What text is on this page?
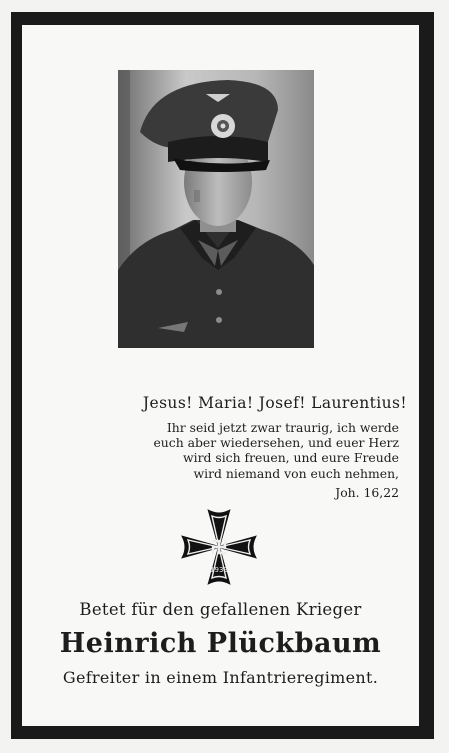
Jesus! Maria! Josef! Laurentius!
Ihr seid jetzt zwar traurig, ich werde
euch aber wiedersehen, und euer Herz
wird sich freuen, und eure Freude
wird niemand von euch nehmen,
Joh. 16,22
1939
Betet für den gefallenen Krieger
Heinrich Plückbaum
Gefreiter in einem Infantrieregiment.
